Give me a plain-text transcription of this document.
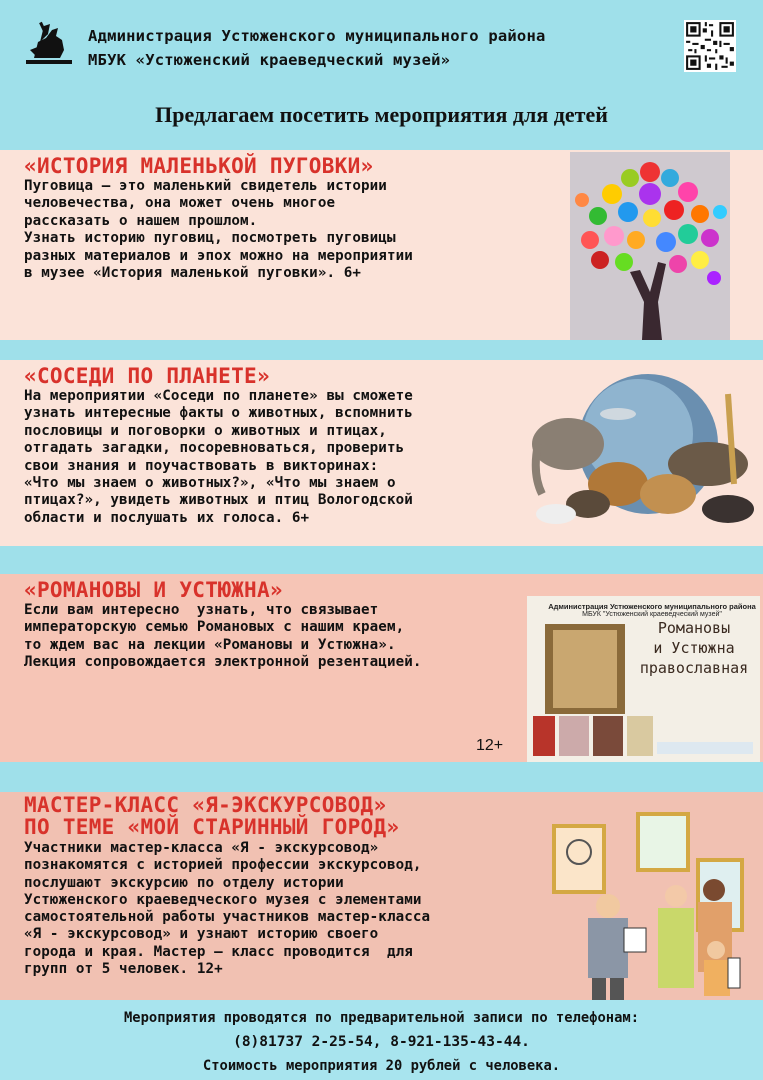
Администрация Устюженского муниципального района
МБУК «Устюженский краеведческий музей»
Предлагаем посетить мероприятия для детей
«ИСТОРИЯ МАЛЕНЬКОЙ ПУГОВКИ»
Пуговица – это маленький свидетель истории
человечества, она может очень многое
рассказать о нашем прошлом.
Узнать историю пуговиц, посмотреть пуговицы
разных материалов и эпох можно на мероприятии
в музее «История маленькой пуговки». 6+
«СОСЕДИ ПО ПЛАНЕТЕ»
На мероприятии «Соседи по планете» вы сможете
узнать интересные факты о животных, вспомнить
пословицы и поговорки о животных и птицах,
отгадать загадки, посоревноваться, проверить
свои знания и поучаствовать в викторинах:
«Что мы знаем о животных?», «Что мы знаем о
птицах?», увидеть животных и птиц Вологодской
области и послушать их голоса. 6+
«РОМАНОВЫ И УСТЮЖНА»
Если вам интересно  узнать, что связывает
императорскую семью Романовых с нашим краем,
то ждем вас на лекции «Романовы и Устюжна».
Лекция сопровождается электронной резентацией.
12+
Администрация Устюженского муниципального района
МБУК "Устюженский краеведческий музей"
Романовы
и Устюжна
православная
МАСТЕР-КЛАСС «Я-ЭКСКУРСОВОД»
ПО ТЕМЕ «МОЙ СТАРИННЫЙ ГОРОД»
Участники мастер-класса «Я - экскурсовод»
познакомятся с историей профессии экскурсовод,
послушают экскурсию по отделу истории
Устюженского краеведческого музея с элементами
самостоятельной работы участников мастер-класса
«Я - экскурсовод» и узнают историю своего
города и края. Мастер – класс проводится  для
групп от 5 человек. 12+
Мероприятия проводятся по предварительной записи по телефонам:
(8)81737 2-25-54, 8-921-135-43-44.
Стоимость мероприятия 20 рублей с человека.
